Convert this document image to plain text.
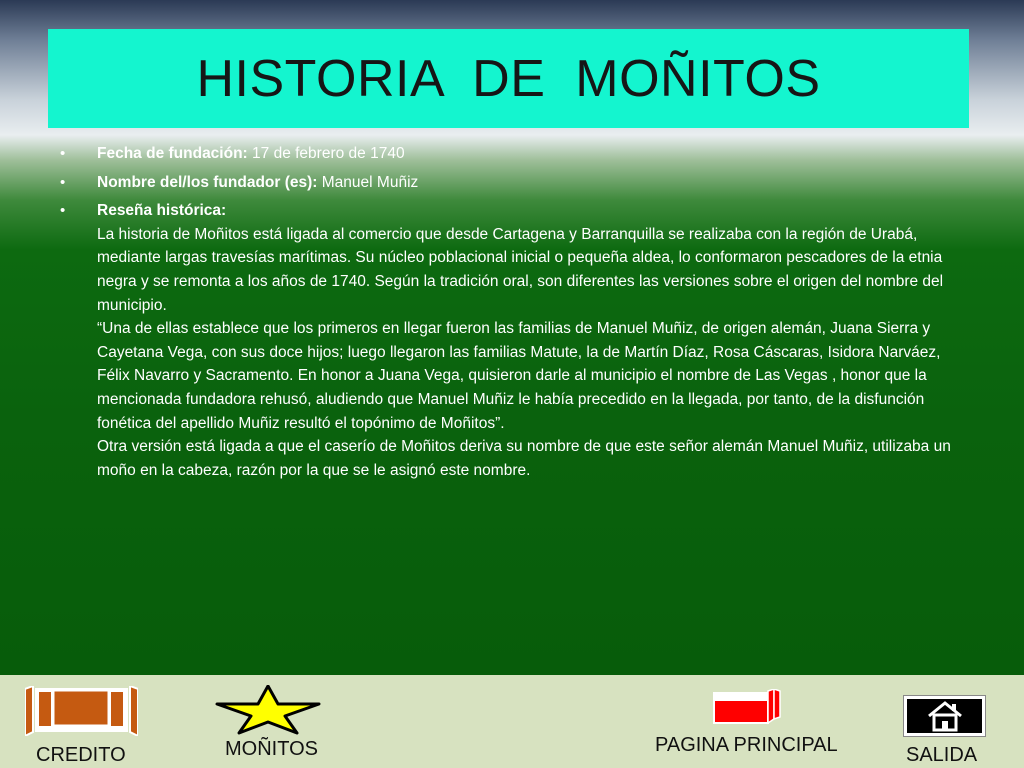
HISTORIA  DE  MOÑITOS
• Fecha de fundación: 17 de febrero de 1740
• Nombre del/los fundador (es): Manuel Muñiz
• Reseña histórica:
La historia de Moñitos está ligada al comercio que desde Cartagena y Barranquilla se realizaba con la región de Urabá, mediante largas travesías marítimas. Su núcleo poblacional inicial o pequeña aldea, lo conformaron pescadores de la etnia negra y se remonta a los años de 1740. Según la tradición oral, son diferentes las versiones sobre el origen del nombre del municipio.
“Una de ellas establece que los primeros en llegar fueron las familias de Manuel Muñiz, de origen alemán, Juana Sierra y Cayetana Vega, con sus doce hijos; luego llegaron las familias Matute, la de Martín Díaz, Rosa Cáscaras, Isidora Narváez, Félix Navarro y Sacramento. En honor a Juana Vega, quisieron darle al municipio el nombre de Las Vegas , honor que la mencionada fundadora rehusó, aludiendo que Manuel Muñiz le había precedido en la llegada, por tanto, de la disfunción fonética del apellido Muñiz resultó el topónimo de Moñitos”.
Otra versión está ligada a que el caserío de Moñitos deriva su nombre de que este señor alemán Manuel Muñiz, utilizaba un moño en la cabeza, razón por la que se le asignó este nombre.
CREDITO	MOÑITOS	PAGINA PRINCIPAL	SALIDA
